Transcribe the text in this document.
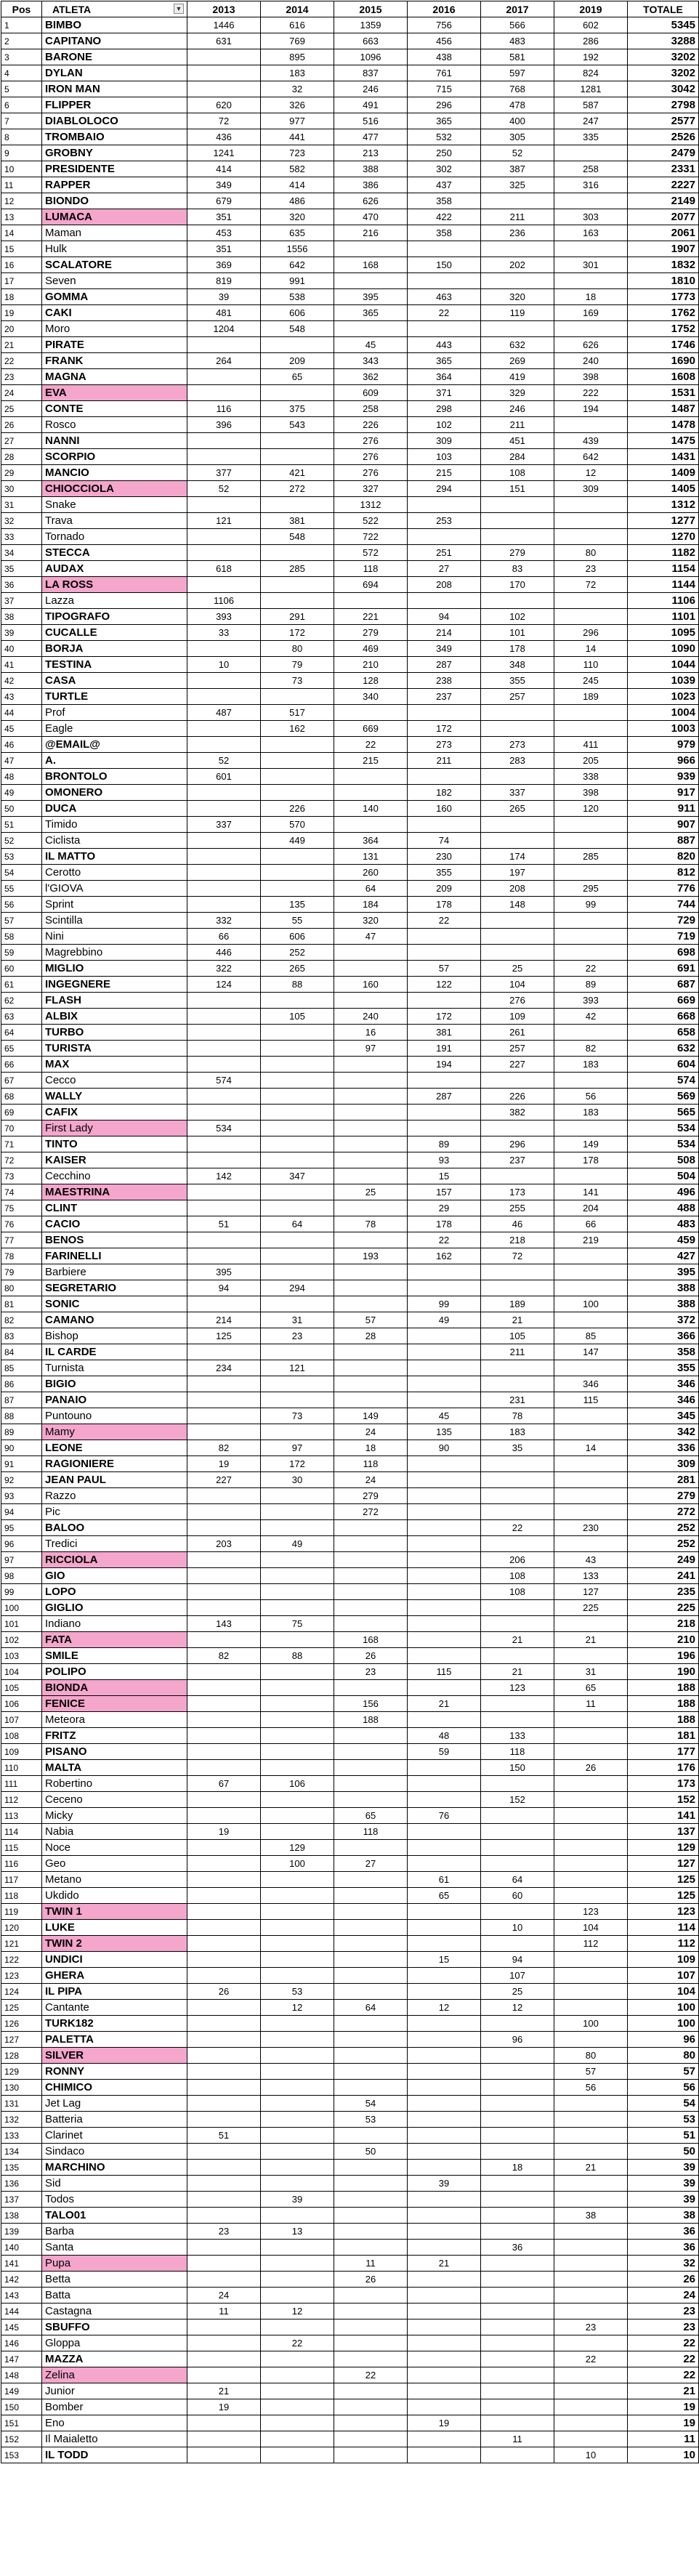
Pos	ATLETA ▼	2013	2014	2015	2016	2017	2019	TOTALE
1	BIMBO	1446	616	1359	756	566	602	5345
2	CAPITANO	631	769	663	456	483	286	3288
3	BARONE		895	1096	438	581	192	3202
4	DYLAN		183	837	761	597	824	3202
5	IRON MAN		32	246	715	768	1281	3042
6	FLIPPER	620	326	491	296	478	587	2798
7	DIABLOLOCO	72	977	516	365	400	247	2577
8	TROMBAIO	436	441	477	532	305	335	2526
9	GROBNY	1241	723	213	250	52		2479
10	PRESIDENTE	414	582	388	302	387	258	2331
11	RAPPER	349	414	386	437	325	316	2227
12	BIONDO	679	486	626	358			2149
13	LUMACA	351	320	470	422	211	303	2077
14	Maman	453	635	216	358	236	163	2061
15	Hulk	351	1556					1907
16	SCALATORE	369	642	168	150	202	301	1832
17	Seven	819	991					1810
18	GOMMA	39	538	395	463	320	18	1773
19	CAKI	481	606	365	22	119	169	1762
20	Moro	1204	548					1752
21	PIRATE			45	443	632	626	1746
22	FRANK	264	209	343	365	269	240	1690
23	MAGNA		65	362	364	419	398	1608
24	EVA			609	371	329	222	1531
25	CONTE	116	375	258	298	246	194	1487
26	Rosco	396	543	226	102	211		1478
27	NANNI			276	309	451	439	1475
28	SCORPIO			276	103	284	642	1431
29	MANCIO	377	421	276	215	108	12	1409
30	CHIOCCIOLA	52	272	327	294	151	309	1405
31	Snake			1312				1312
32	Trava	121	381	522	253			1277
33	Tornado		548	722				1270
34	STECCA			572	251	279	80	1182
35	AUDAX	618	285	118	27	83	23	1154
36	LA ROSS			694	208	170	72	1144
37	Lazza	1106						1106
38	TIPOGRAFO	393	291	221	94	102		1101
39	CUCALLE	33	172	279	214	101	296	1095
40	BORJA		80	469	349	178	14	1090
41	TESTINA	10	79	210	287	348	110	1044
42	CASA		73	128	238	355	245	1039
43	TURTLE			340	237	257	189	1023
44	Prof	487	517					1004
45	Eagle		162	669	172			1003
46	@EMAIL@			22	273	273	411	979
47	A.	52		215	211	283	205	966
48	BRONTOLO	601					338	939
49	OMONERO				182	337	398	917
50	DUCA		226	140	160	265	120	911
51	Timido	337	570					907
52	Ciclista		449	364	74			887
53	IL MATTO			131	230	174	285	820
54	Cerotto			260	355	197		812
55	l'GIOVA			64	209	208	295	776
56	Sprint		135	184	178	148	99	744
57	Scintilla	332	55	320	22			729
58	Nini	66	606	47				719
59	Magrebbino	446	252					698
60	MIGLIO	322	265		57	25	22	691
61	INGEGNERE	124	88	160	122	104	89	687
62	FLASH					276	393	669
63	ALBIX		105	240	172	109	42	668
64	TURBO			16	381	261		658
65	TURISTA			97	191	257	82	632
66	MAX				194	227	183	604
67	Cecco	574						574
68	WALLY				287	226	56	569
69	CAFIX					382	183	565
70	First Lady	534						534
71	TINTO				89	296	149	534
72	KAISER				93	237	178	508
73	Cecchino	142	347		15			504
74	MAESTRINA			25	157	173	141	496
75	CLINT				29	255	204	488
76	CACIO	51	64	78	178	46	66	483
77	BENOS				22	218	219	459
78	FARINELLI			193	162	72		427
79	Barbiere	395						395
80	SEGRETARIO	94	294					388
81	SONIC				99	189	100	388
82	CAMANO	214	31	57	49	21		372
83	Bishop	125	23	28		105	85	366
84	IL CARDE					211	147	358
85	Turnista	234	121					355
86	BIGIO						346	346
87	PANAIO					231	115	346
88	Puntouno		73	149	45	78		345
89	Mamy			24	135	183		342
90	LEONE	82	97	18	90	35	14	336
91	RAGIONIERE	19	172	118				309
92	JEAN PAUL	227	30	24				281
93	Razzo			279				279
94	Pic			272				272
95	BALOO					22	230	252
96	Tredici	203	49					252
97	RICCIOLA					206	43	249
98	GIO					108	133	241
99	LOPO					108	127	235
100	GIGLIO						225	225
101	Indiano	143	75					218
102	FATA			168		21	21	210
103	SMILE	82	88	26				196
104	POLIPO			23	115	21	31	190
105	BIONDA					123	65	188
106	FENICE			156	21		11	188
107	Meteora			188				188
108	FRITZ				48	133		181
109	PISANO				59	118		177
110	MALTA					150	26	176
111	Robertino	67	106					173
112	Ceceno					152		152
113	Micky			65	76			141
114	Nabia	19		118				137
115	Noce		129					129
116	Geo		100	27				127
117	Metano				61	64		125
118	Ukdido				65	60		125
119	TWIN 1						123	123
120	LUKE					10	104	114
121	TWIN 2						112	112
122	UNDICI				15	94		109
123	GHERA					107		107
124	IL PIPA	26	53			25		104
125	Cantante		12	64	12	12		100
126	TURK182						100	100
127	PALETTA					96		96
128	SILVER						80	80
129	RONNY						57	57
130	CHIMICO						56	56
131	Jet Lag			54				54
132	Batteria			53				53
133	Clarinet	51						51
134	Sindaco			50				50
135	MARCHINO					18	21	39
136	Sid				39			39
137	Todos		39					39
138	TALO01						38	38
139	Barba	23	13					36
140	Santa					36		36
141	Pupa			11	21			32
142	Betta			26				26
143	Batta	24						24
144	Castagna	11	12					23
145	SBUFFO						23	23
146	Gloppa		22					22
147	MAZZA						22	22
148	Zelina			22				22
149	Junior	21						21
150	Bomber	19						19
151	Eno				19			19
152	Il Maialetto					11		11
153	IL TODD						10	10
